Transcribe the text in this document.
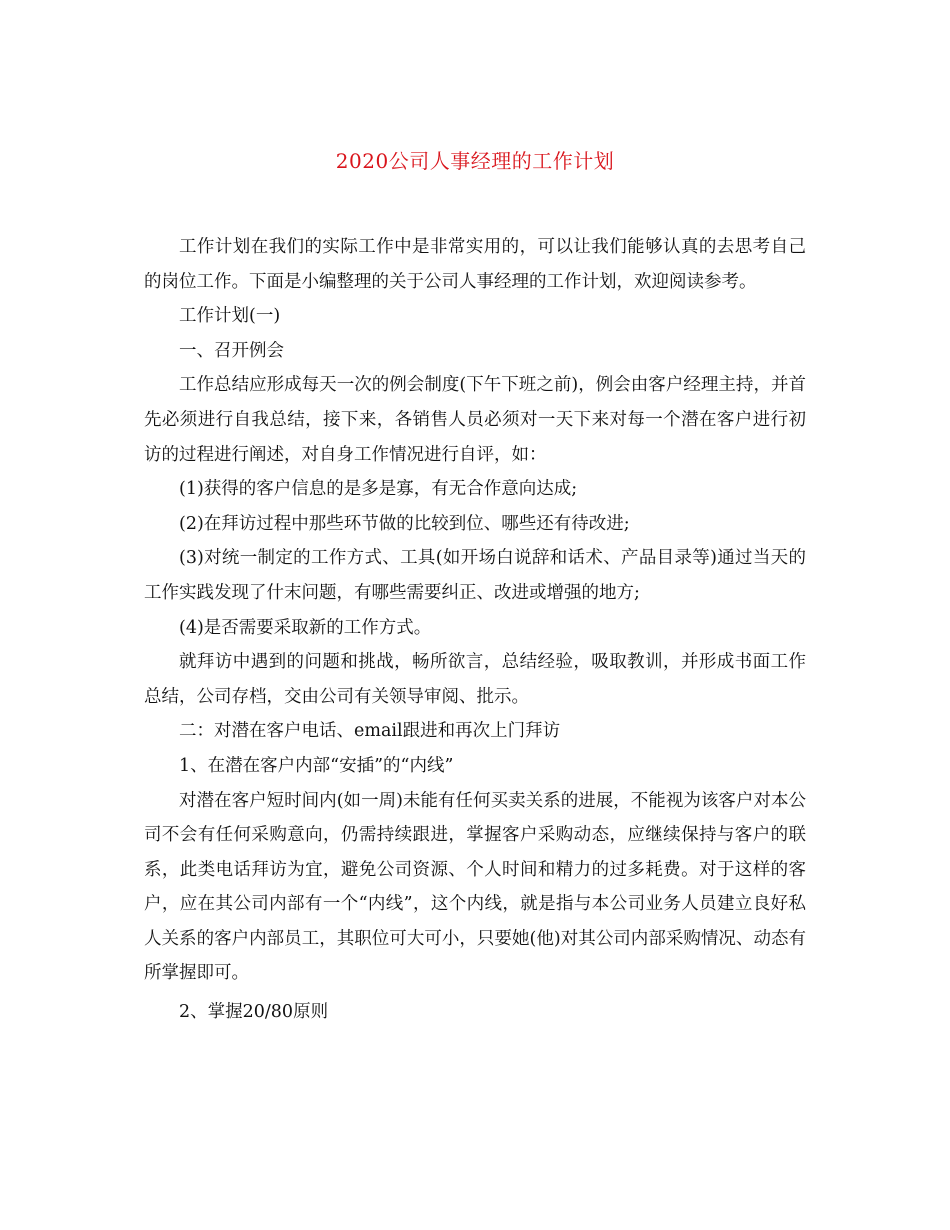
2020公司人事经理的工作计划

工作计划在我们的实际工作中是非常实用的，可以让我们能够认真的去思考自己的岗位工作。下面是小编整理的关于公司人事经理的工作计划，欢迎阅读参考。

工作计划(一)

一、召开例会

工作总结应形成每天一次的例会制度(下午下班之前)，例会由客户经理主持，并首先必须进行自我总结，接下来，各销售人员必须对一天下来对每一个潜在客户进行初访的过程进行阐述，对自身工作情况进行自评，如：

(1)获得的客户信息的是多是寡，有无合作意向达成;

(2)在拜访过程中那些环节做的比较到位、哪些还有待改进;

(3)对统一制定的工作方式、工具(如开场白说辞和话术、产品目录等)通过当天的工作实践发现了什末问题，有哪些需要纠正、改进或增强的地方;

(4)是否需要采取新的工作方式。

就拜访中遇到的问题和挑战，畅所欲言，总结经验，吸取教训，并形成书面工作总结，公司存档，交由公司有关领导审阅、批示。

二：对潜在客户电话、email跟进和再次上门拜访

1、在潜在客户内部“安插”的“内线”

对潜在客户短时间内(如一周)未能有任何买卖关系的进展，不能视为该客户对本公司不会有任何采购意向，仍需持续跟进，掌握客户采购动态，应继续保持与客户的联系，此类电话拜访为宜，避免公司资源、个人时间和精力的过多耗费。对于这样的客户，应在其公司内部有一个“内线”，这个内线，就是指与本公司业务人员建立良好私人关系的客户内部员工，其职位可大可小，只要她(他)对其公司内部采购情况、动态有所掌握即可。

2、掌握20/80原则
